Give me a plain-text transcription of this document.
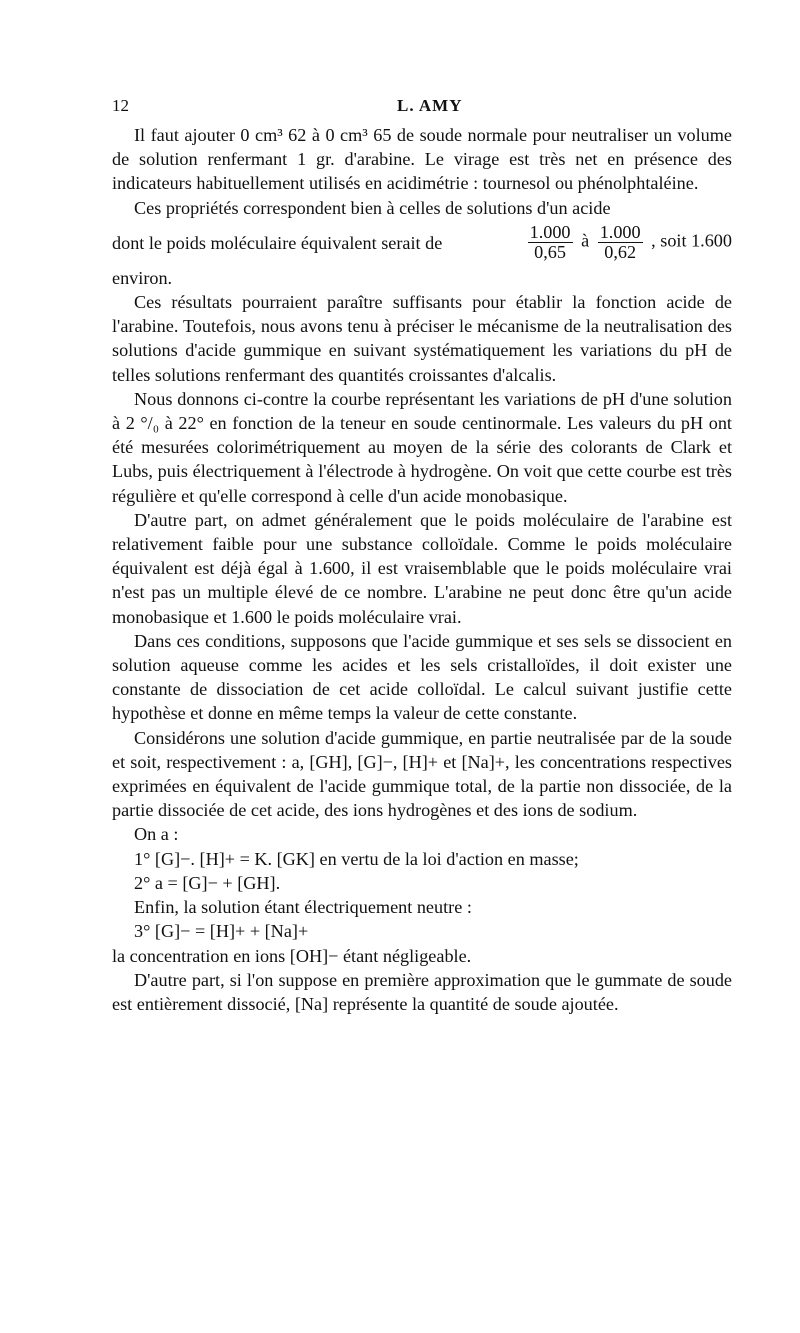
12	L. AMY

Il faut ajouter 0 cm³ 62 à 0 cm³ 65 de soude normale pour neutraliser un volume de solution renfermant 1 gr. d'arabine. Le virage est très net en présence des indicateurs habituellement utilisés en acidimétrie : tournesol ou phénolphtaléine.

Ces propriétés correspondent bien à celles de solutions d'un acide

dont le poids moléculaire équivalent serait de	$\frac{1.000}{0,65}$ à $\frac{1.000}{0,62}$ , soit 1.600

environ.

Ces résultats pourraient paraître suffisants pour établir la fonction acide de l'arabine. Toutefois, nous avons tenu à préciser le mécanisme de la neutralisation des solutions d'acide gummique en suivant systématiquement les variations du pH de telles solutions renfermant des quantités croissantes d'alcalis.

Nous donnons ci-contre la courbe représentant les variations de pH d'une solution à 2 °/₀ à 22° en fonction de la teneur en soude centinormale. Les valeurs du pH ont été mesurées colorimétriquement au moyen de la série des colorants de Clark et Lubs, puis électriquement à l'électrode à hydrogène. On voit que cette courbe est très régulière et qu'elle correspond à celle d'un acide monobasique.

D'autre part, on admet généralement que le poids moléculaire de l'arabine est relativement faible pour une substance colloïdale. Comme le poids moléculaire équivalent est déjà égal à 1.600, il est vraisemblable que le poids moléculaire vrai n'est pas un multiple élevé de ce nombre. L'arabine ne peut donc être qu'un acide monobasique et 1.600 le poids moléculaire vrai.

Dans ces conditions, supposons que l'acide gummique et ses sels se dissocient en solution aqueuse comme les acides et les sels cristalloïdes, il doit exister une constante de dissociation de cet acide colloïdal. Le calcul suivant justifie cette hypothèse et donne en même temps la valeur de cette constante.

Considérons une solution d'acide gummique, en partie neutralisée par de la soude et soit, respectivement : a, [GH], [G]−, [H]+ et [Na]+, les concentrations respectives exprimées en équivalent de l'acide gummique total, de la partie non dissociée, de la partie dissociée de cet acide, des ions hydrogènes et des ions de sodium.

On a :

1° [G]−. [H]+ = K. [GK] en vertu de la loi d'action en masse;

2° a = [G]− + [GH].

Enfin, la solution étant électriquement neutre :

3° [G]− = [H]+ + [Na]+

la concentration en ions [OH]− étant négligeable.

D'autre part, si l'on suppose en première approximation que le gummate de soude est entièrement dissocié, [Na] représente la quantité de soude ajoutée.
